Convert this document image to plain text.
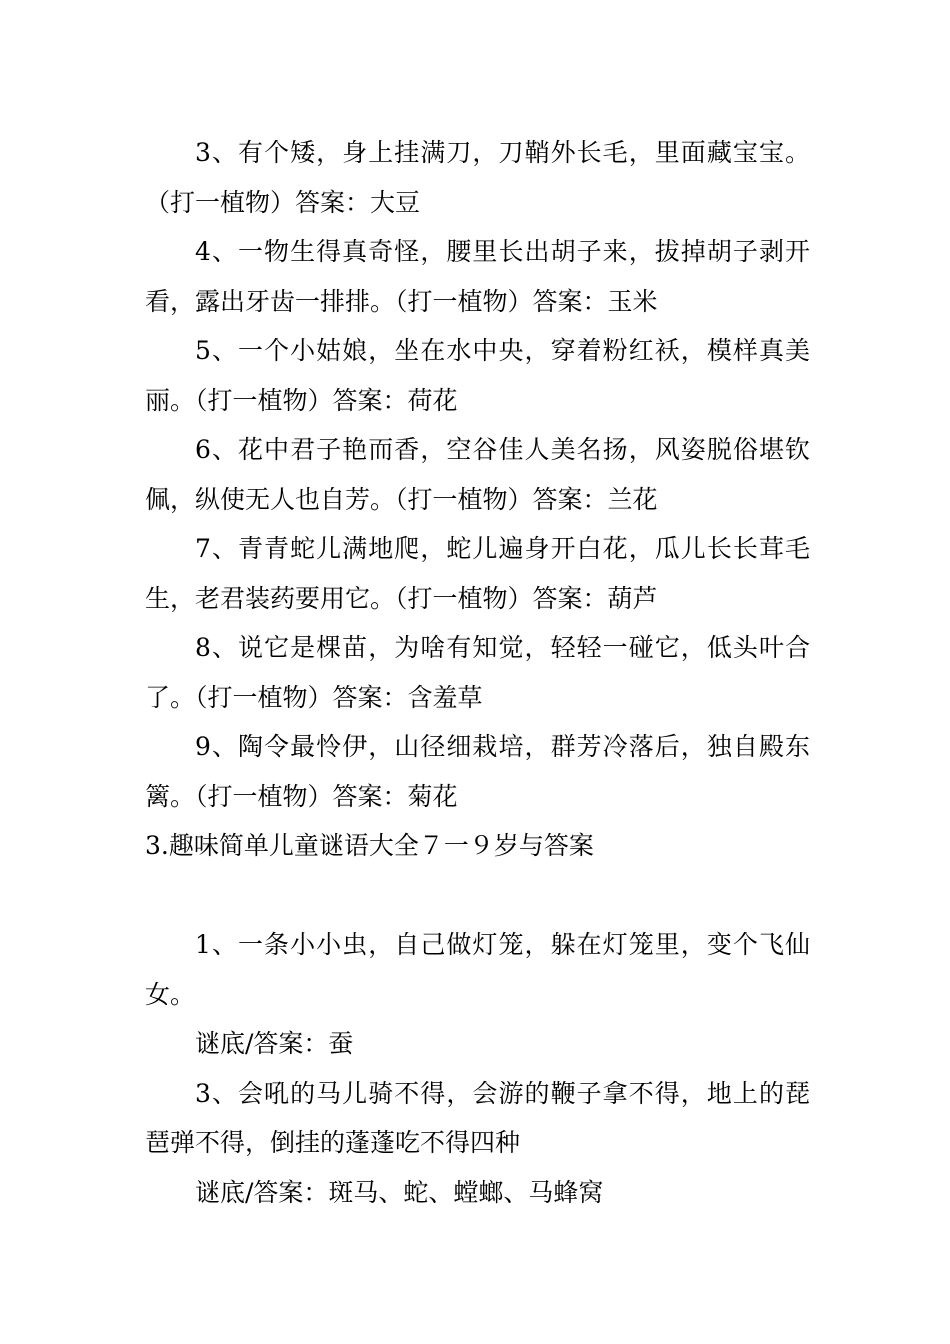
3、有个矮，身上挂满刀，刀鞘外长毛，里面藏宝宝。（打一植物）答案：大豆

4、一物生得真奇怪，腰里长出胡子来，拔掉胡子剥开看，露出牙齿一排排。（打一植物）答案：玉米

5、一个小姑娘，坐在水中央，穿着粉红袄，模样真美丽。（打一植物）答案：荷花

6、花中君子艳而香，空谷佳人美名扬，风姿脱俗堪钦佩，纵使无人也自芳。（打一植物）答案：兰花

7、青青蛇儿满地爬，蛇儿遍身开白花，瓜儿长长茸毛生，老君装药要用它。（打一植物）答案：葫芦

8、说它是棵苗，为啥有知觉，轻轻一碰它，低头叶合了。（打一植物）答案：含羞草

9、陶令最怜伊，山径细栽培，群芳冷落后，独自殿东篱。（打一植物）答案：菊花

3.趣味简单儿童谜语大全７一９岁与答案

1、一条小小虫，自己做灯笼，躲在灯笼里，变个飞仙女。

谜底/答案：蚕

3、会吼的马儿骑不得，会游的鞭子拿不得，地上的琵琶弹不得，倒挂的蓬蓬吃不得四种

谜底/答案：斑马、蛇、螳螂、马蜂窝
